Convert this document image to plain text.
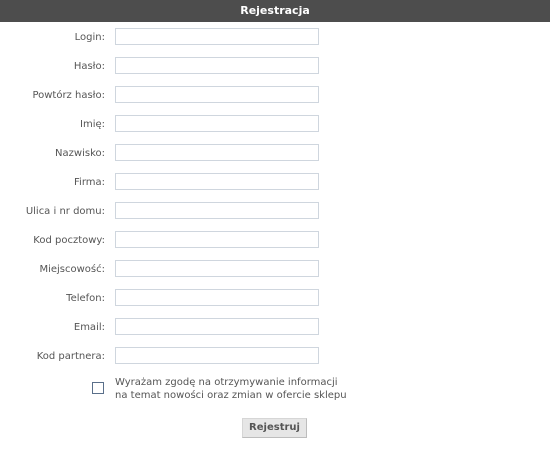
Rejestracja
Login:
Hasło:
Powtórz hasło:
Imię:
Nazwisko:
Firma:
Ulica i nr domu:
Kod pocztowy:
Miejscowość:
Telefon:
Email:
Kod partnera:
Wyrażam zgodę na otrzymywanie informacji
na temat nowości oraz zmian w ofercie sklepu
Rejestruj
